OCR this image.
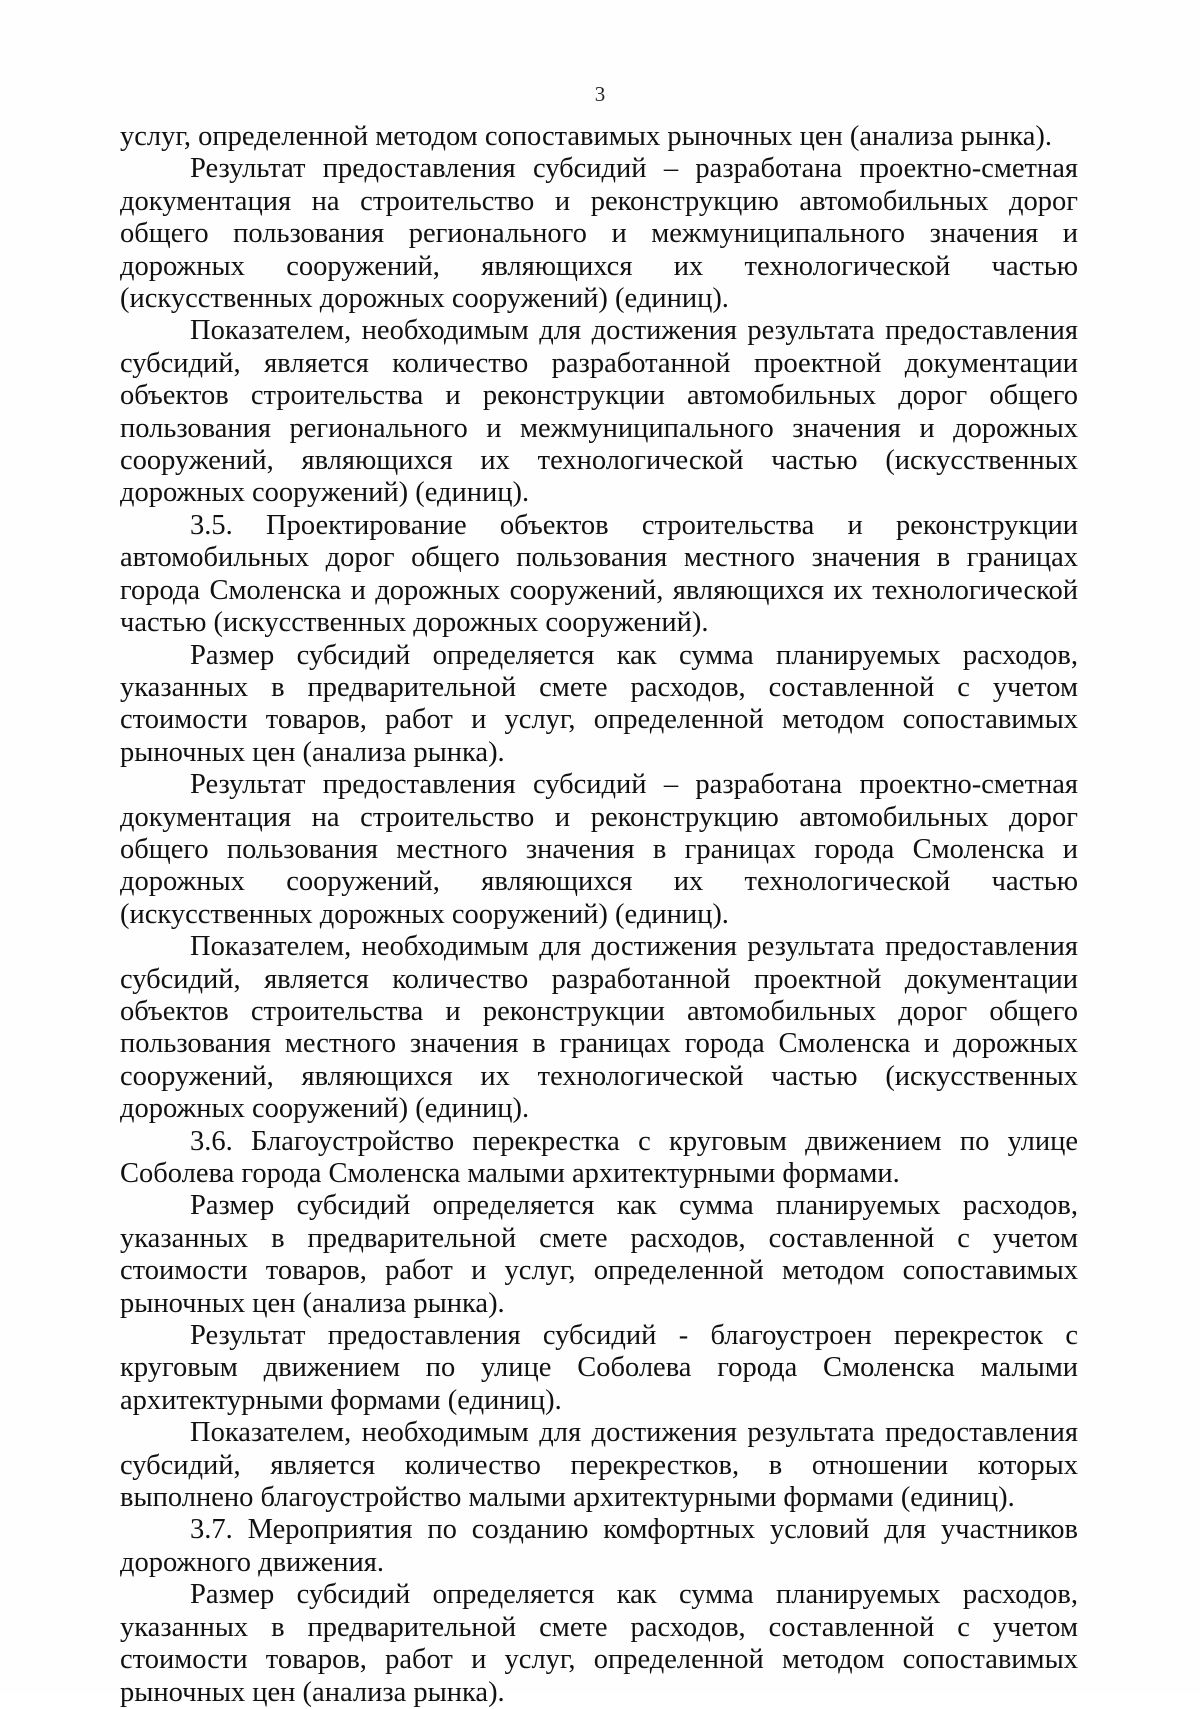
3

услуг, определенной методом сопоставимых рыночных цен (анализа рынка).

Результат предоставления субсидий – разработана проектно-сметная документация на строительство и реконструкцию автомобильных дорог общего пользования регионального и межмуниципального значения и дорожных сооружений, являющихся их технологической частью (искусственных дорожных сооружений) (единиц).

Показателем, необходимым для достижения результата предоставления субсидий, является количество разработанной проектной документации объектов строительства и реконструкции автомобильных дорог общего пользования регионального и межмуниципального значения и дорожных сооружений, являющихся их технологической частью (искусственных дорожных сооружений) (единиц).

3.5. Проектирование объектов строительства и реконструкции автомобильных дорог общего пользования местного значения в границах города Смоленска и дорожных сооружений, являющихся их технологической частью (искусственных дорожных сооружений).

Размер субсидий определяется как сумма планируемых расходов, указанных в предварительной смете расходов, составленной с учетом стоимости товаров, работ и услуг, определенной методом сопоставимых рыночных цен (анализа рынка).

Результат предоставления субсидий – разработана проектно-сметная документация на строительство и реконструкцию автомобильных дорог общего пользования местного значения в границах города Смоленска и дорожных сооружений, являющихся их технологической частью (искусственных дорожных сооружений) (единиц).

Показателем, необходимым для достижения результата предоставления субсидий, является количество разработанной проектной документации объектов строительства и реконструкции автомобильных дорог общего пользования местного значения в границах города Смоленска и дорожных сооружений, являющихся их технологической частью (искусственных дорожных сооружений) (единиц).

3.6. Благоустройство перекрестка с круговым движением по улице Соболева города Смоленска малыми архитектурными формами.

Размер субсидий определяется как сумма планируемых расходов, указанных в предварительной смете расходов, составленной с учетом стоимости товаров, работ и услуг, определенной методом сопоставимых рыночных цен (анализа рынка).

Результат предоставления субсидий - благоустроен перекресток с круговым движением по улице Соболева города Смоленска малыми архитектурными формами (единиц).

Показателем, необходимым для достижения результата предоставления субсидий, является количество перекрестков, в отношении которых выполнено благоустройство малыми архитектурными формами (единиц).

3.7. Мероприятия по созданию комфортных условий для участников дорожного движения.

Размер субсидий определяется как сумма планируемых расходов, указанных в предварительной смете расходов, составленной с учетом стоимости товаров, работ и услуг, определенной методом сопоставимых рыночных цен (анализа рынка).
